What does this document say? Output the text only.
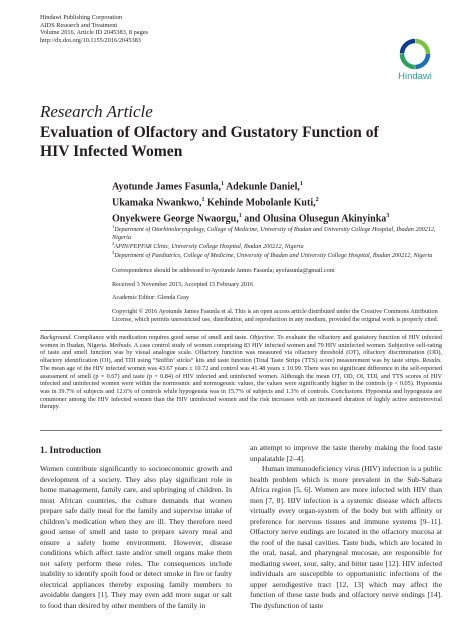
Hindawi Publishing Corporation
AIDS Research and Treatment
Volume 2016, Article ID 2045383, 8 pages
http://dx.doi.org/10.1155/2016/2045383
Hindawi
Research Article
Evaluation of Olfactory and Gustatory Function of HIV Infected Women
Ayotunde James Fasunla,$^1$ Adekunle Daniel,$^1$
Ukamaka Nwankwo,$^1$ Kehinde Mobolanle Kuti,$^2$
Onyekwere George Nwaorgu,$^1$ and Olusina Olusegun Akinyinka$^3$
$^1$Department of Otorhinolaryngology, College of Medicine, University of Ibadan and University College Hospital, Ibadan 200212, Nigeria
$^2$APIN/PEPFAR Clinic, University College Hospital, Ibadan 200212, Nigeria
$^3$Department of Paediatrics, College of Medicine, University of Ibadan and University College Hospital, Ibadan 200212, Nigeria
Correspondence should be addressed to Ayotunde James Fasunla; ayofasunla@gmail.com
Received 3 November 2015; Accepted 15 February 2016
Academic Editor: Glenda Gray
Copyright © 2016 Ayotunde James Fasunla et al. This is an open access article distributed under the Creative Commons Attribution License, which permits unrestricted use, distribution, and reproduction in any medium, provided the original work is properly cited.
Background. Compliance with medication requires good sense of smell and taste. Objective. To evaluate the olfactory and gustatory function of HIV infected women in Ibadan, Nigeria. Methods. A case control study of women comprising 83 HIV infected women and 79 HIV uninfected women. Subjective self-rating of taste and smell function was by visual analogue scale. Olfactory function was measured via olfactory threshold (OT), olfactory discrimination (OD), olfactory identification (OI), and TDI using “Sniffin’ sticks” kits and taste function (Total Taste Strips (TTS) score) measurement was by taste strips. Results. The mean age of the HIV infected women was 43.67 years ± 10.72 and control was 41.48 years ± 10.99. There was no significant difference in the self-reported assessment of smell (p = 0.67) and taste (p = 0.84) of HIV infected and uninfected women. Although the mean OT, OD, OI, TDI, and TTS scores of HIV infected and uninfected women were within the normosmic and normogeusic values, the values were significantly higher in the controls (p < 0.05). Hyposmia was in 39.7% of subjects and 12.6% of controls while hypogeusia was in 15.7% of subjects and 1.3% of controls. Conclusions. Hyposmia and hypogeusia are commoner among the HIV infected women than the HIV uninfected women and the risk increases with an increased duration of highly active antiretroviral therapy.
1. Introduction

Women contribute significantly to socioeconomic growth and development of a society. They also play significant role in home management, family care, and upbringing of children. In most African countries, the culture demands that women prepare safe daily meal for the family and supervise intake of children’s medication when they are ill. They therefore need good sense of smell and taste to prepare savory meal and ensure a safety home environment. However, disease conditions which affect taste and/or smell organs make them not safety perform these roles. The consequences include inability to identify spoilt food or detect smoke in fire or faulty electrical appliances thereby exposing family members to avoidable dangers [1]. They may even add more sugar or salt to food than desired by other members of the family in

an attempt to improve the taste thereby making the food taste unpalatable [2–4].

Human immunodeficiency virus (HIV) infection is a public health problem which is more prevalent in the Sub-Sahara Africa region [5, 6]. Women are more infected with HIV than men [7, 8]. HIV infection is a systemic disease which affects virtually every organ-system of the body but with affinity or preference for nervous tissues and immune systems [9–11]. Olfactory nerve endings are located in the olfactory mucosa at the roof of the nasal cavities. Taste buds, which are located in the oral, nasal, and pharyngeal mucosae, are responsible for mediating sweet, sour, salty, and bitter taste [12]. HIV infected individuals are susceptible to opportunistic infections of the upper aerodigestive tract [12, 13] which may affect the function of these taste buds and olfactory nerve endings [14]. The dysfunction of taste
